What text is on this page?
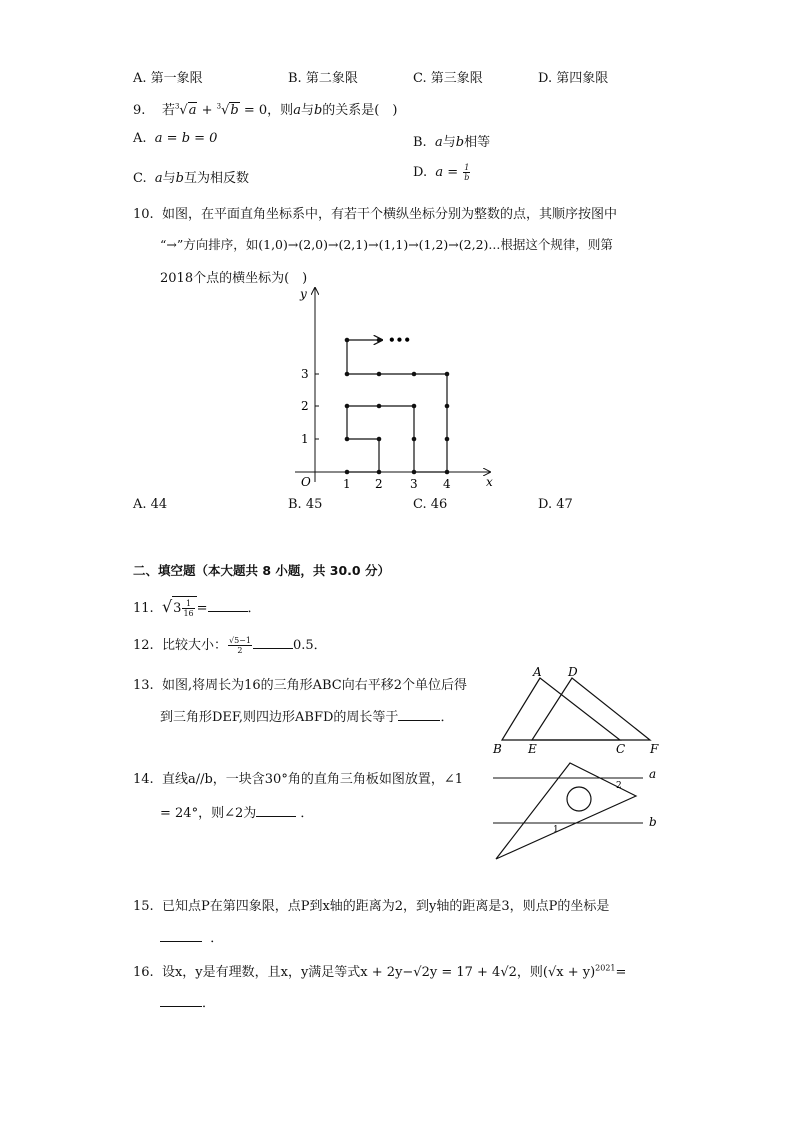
A. 第一象限	B. 第二象限	C. 第三象限	D. 第四象限
9. 若$^3$√a + $^3$√b = 0，则a与b的关系是(　)
A. a = b = 0	B. a与b相等
C. a与b互为相反数	D. $a = \frac{1}{b}$
10. 如图，在平面直角坐标系中，有若干个横纵坐标分别为整数的点，其顺序按图中
“→”方向排序，如(1,0)→(2,0)→(2,1)→(1,1)→(1,2)→(2,2)...根据这个规律，则第
2018个点的横坐标为(　)
•••
y
x
O	1 2 3 4
1
2
3
A. 44	B. 45	C. 46	D. 47
二、填空题（本大题共 8 小题，共 30.0 分）
11. $√3 \frac{1}{16}$ =	．
12. 比较大小： $\frac{√5-1}{2}$	0.5．
13. 如图,将周长为16的三角形ABC向右平移2个单位后得
到三角形DEF,则四边形ABFD的周长等于	．
A D
B E	C F
14. 直线a//b，一块含30°角的直角三角板如图放置，∠1
= 24°，则∠2为	．
a
b
1
2
15. 已知点P在第四象限，点P到x轴的距离为2，到y轴的距离是3，则点P的坐标是
．
16. 设x，y是有理数，且x，y满足等式x + 2y−√2y = 17 + 4√2，则$(√x + y)^{2021}=$
．
